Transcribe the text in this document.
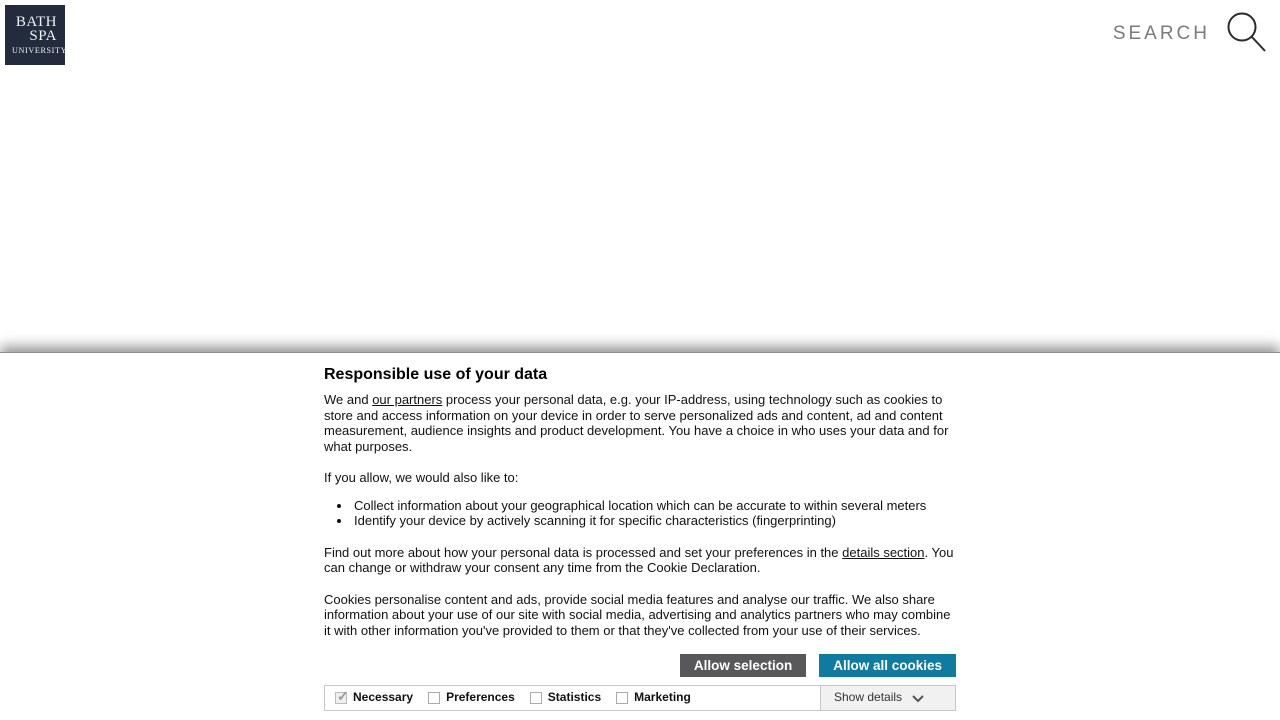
BATH
SPA
UNIVERSITY
SEARCH
Responsible use of your data

We and our partners process your personal data, e.g. your IP-address, using technology such as cookies to store and access information on your device in order to serve personalized ads and content, ad and content measurement, audience insights and product development. You have a choice in who uses your data and for what purposes.

If you allow, we would also like to:

• Collect information about your geographical location which can be accurate to within several meters
• Identify your device by actively scanning it for specific characteristics (fingerprinting)

Find out more about how your personal data is processed and set your preferences in the details section. You can change or withdraw your consent any time from the Cookie Declaration.

Cookies personalise content and ads, provide social media features and analyse our traffic. We also share information about your use of our site with social media, advertising and analytics partners who may combine it with other information you've provided to them or that they've collected from your use of their services.

Allow selection	Allow all cookies
✓
Necessary	Preferences	Statistics	Marketing	Show details
